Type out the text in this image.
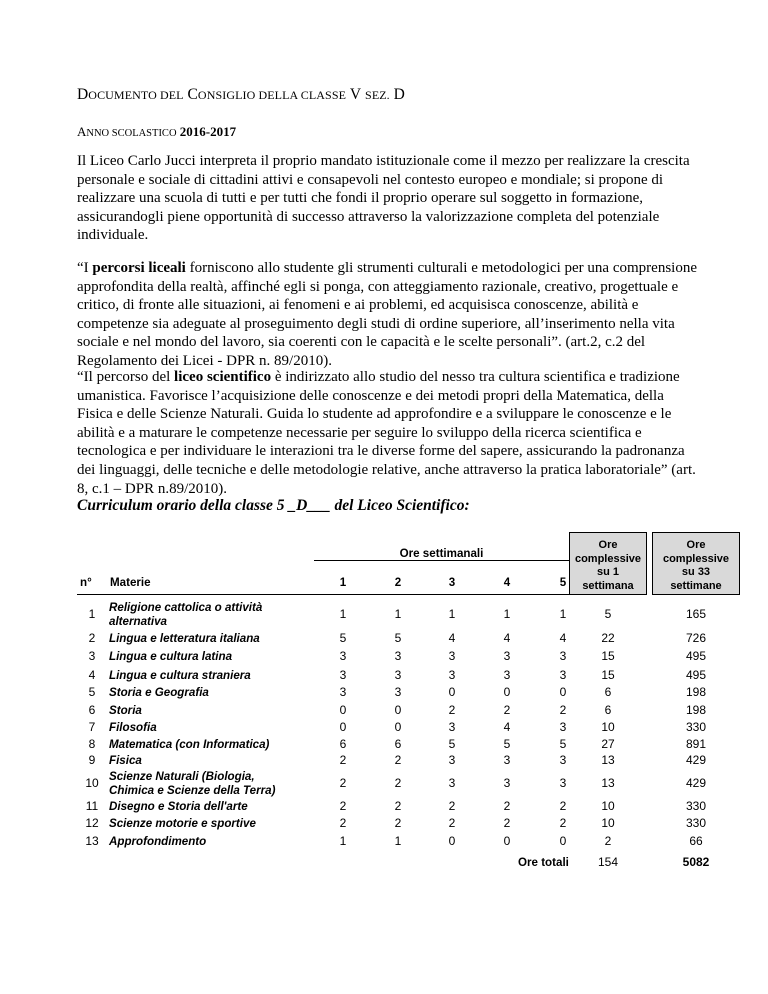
DOCUMENTO DEL CONSIGLIO DELLA CLASSE V SEZ. D
ANNO SCOLASTICO 2016-2017

Il Liceo Carlo Jucci interpreta il proprio mandato istituzionale come il mezzo per realizzare la crescita personale e sociale di cittadini attivi e consapevoli nel contesto europeo e mondiale; si propone di realizzare una scuola di tutti e per tutti che fondi il proprio operare sul soggetto in formazione, assicurandogli piene opportunità di successo attraverso la valorizzazione completa del potenziale individuale.

“I percorsi liceali forniscono allo studente gli strumenti culturali e metodologici per una comprensione approfondita della realtà, affinché egli si ponga, con atteggiamento razionale, creativo, progettuale e critico, di fronte alle situazioni, ai fenomeni e ai problemi, ed acquisisca conoscenze, abilità e competenze sia adeguate al proseguimento degli studi di ordine superiore, all’inserimento nella vita sociale e nel mondo del lavoro, sia coerenti con le capacità e le scelte personali”. (art.2, c.2 del Regolamento dei Licei - DPR n. 89/2010).

“Il percorso del liceo scientifico è indirizzato allo studio del nesso tra cultura scientifica e tradizione umanistica. Favorisce l’acquisizione delle conoscenze e dei metodi propri della Matematica, della Fisica e delle Scienze Naturali. Guida lo studente ad approfondire e a sviluppare le conoscenze e le abilità e a maturare le competenze necessarie per seguire lo sviluppo della ricerca scientifica e tecnologica e per individuare le interazioni tra le diverse forme del sapere, assicurando la padronanza dei linguaggi, delle tecniche e delle metodologie relative, anche attraverso la pratica laboratoriale” (art. 8, c.1 – DPR n.89/2010).

Curriculum orario della classe 5 _D___ del Liceo Scientifico:
n° Materie
Ore settimanali
1	2	3	4	5
Ore
complessive
su 1
settimana
Ore
complessive
su 33
settimane
1	Religione cattolica o attività
alternativa
1	1	1	1	1	5	165
2	Lingua e letteratura italiana	5	5	4	4	4	22	726
3	Lingua e cultura latina	3	3	3	3	3	15	495
4	Lingua e cultura straniera	3	3	3	3	3	15	495
5	Storia e Geografia	3	3	0	0	0	6	198
6	Storia	0	0	2	2	2	6	198
7	Filosofia	0	0	3	4	3	10	330
8	Matematica (con Informatica)	6	6	5	5	5	27	891
9	Fisica	2	2	3	3	3	13	429
10 Scienze Naturali (Biologia,
Chimica e Scienze della Terra)
2	2	3	3	3	13	429
11 Disegno e Storia dell'arte	2	2	2	2	2	10	330
12 Scienze motorie e sportive	2	2	2	2	2	10	330
13 Approfondimento	1	1	0	0	0	2	66
Ore totali	154	5082
